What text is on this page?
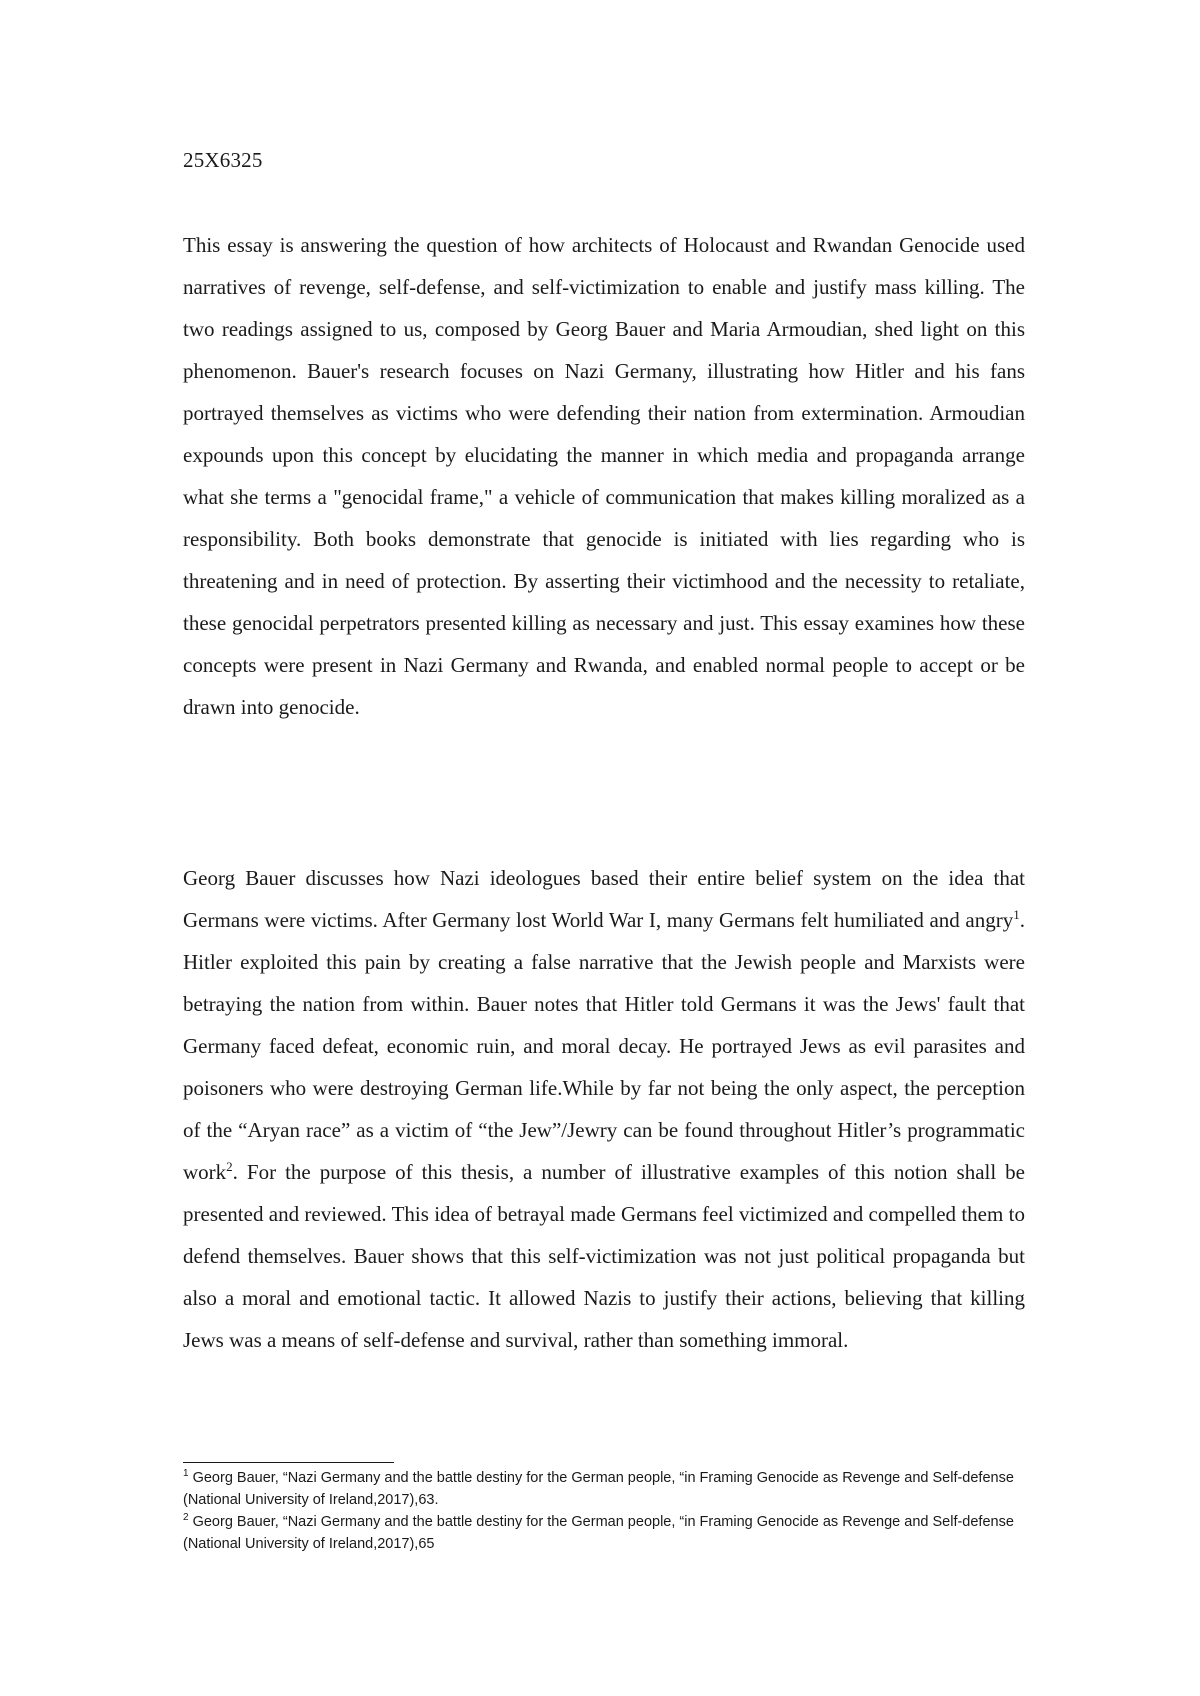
25X6325

This essay is answering the question of how architects of Holocaust and Rwandan Genocide used narratives of revenge, self-defense, and self-victimization to enable and justify mass killing. The two readings assigned to us, composed by Georg Bauer and Maria Armoudian, shed light on this phenomenon. Bauer's research focuses on Nazi Germany, illustrating how Hitler and his fans portrayed themselves as victims who were defending their nation from extermination. Armoudian expounds upon this concept by elucidating the manner in which media and propaganda arrange what she terms a "genocidal frame," a vehicle of communication that makes killing moralized as a responsibility. Both books demonstrate that genocide is initiated with lies regarding who is threatening and in need of protection. By asserting their victimhood and the necessity to retaliate, these genocidal perpetrators presented killing as necessary and just. This essay examines how these concepts were present in Nazi Germany and Rwanda, and enabled normal people to accept or be drawn into genocide.

Georg Bauer discusses how Nazi ideologues based their entire belief system on the idea that Germans were victims. After Germany lost World War I, many Germans felt humiliated and angry$^1$. Hitler exploited this pain by creating a false narrative that the Jewish people and Marxists were betraying the nation from within. Bauer notes that Hitler told Germans it was the Jews' fault that Germany faced defeat, economic ruin, and moral decay. He portrayed Jews as evil parasites and poisoners who were destroying German life.While by far not being the only aspect, the perception of the “Aryan race” as a victim of “the Jew”/Jewry can be found throughout Hitler’s programmatic work$^2$. For the purpose of this thesis, a number of illustrative examples of this notion shall be presented and reviewed. This idea of betrayal made Germans feel victimized and compelled them to defend themselves. Bauer shows that this self-victimization was not just political propaganda but also a moral and emotional tactic. It allowed Nazis to justify their actions, believing that killing Jews was a means of self-defense and survival, rather than something immoral.

$^1$ Georg Bauer, “Nazi Germany and the battle destiny for the German people, “in Framing Genocide as Revenge and Self-defense (National University of Ireland,2017),63.

$^2$ Georg Bauer, “Nazi Germany and the battle destiny for the German people, “in Framing Genocide as Revenge and Self-defense (National University of Ireland,2017),65
